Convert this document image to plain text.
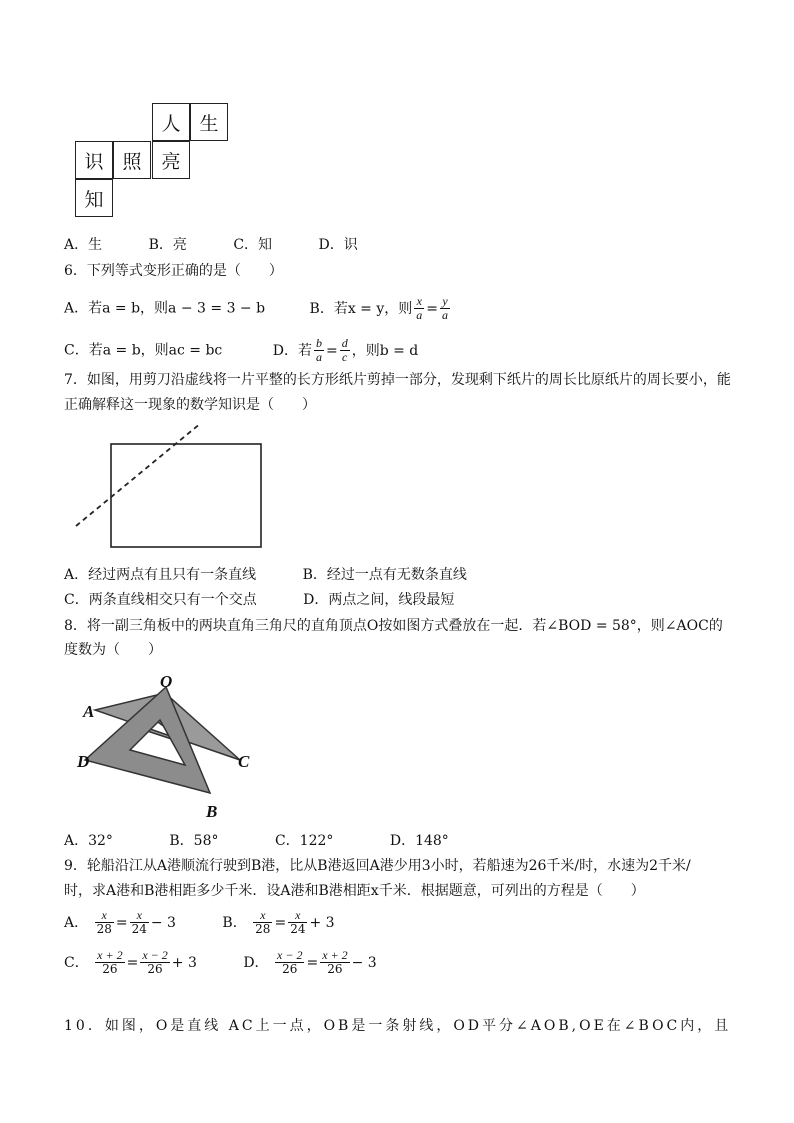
人 生
识 照	亮
知
A．生	B．亮	C．知	D．识
6．下列等式变形正确的是（　　）
A．若a = b，则a − 3 = 3 − b	B．若x = y，则 $\frac{x}{a} = \frac{y}{a}$
C．若a = b，则ac = bc	D．若 $\frac{b}{a} = \frac{d}{c}$ ，则b = d
7．如图，用剪刀沿虚线将一片平整的长方形纸片剪掉一部分，发现剩下纸片的周长比原纸片的周长要小，能
正确解释这一现象的数学知识是（　　）
A．经过两点有且只有一条直线	B．经过一点有无数条直线
C．两条直线相交只有一个交点	D．两点之间，线段最短
8．将一副三角板中的两块直角三角尺的直角顶点O按如图方式叠放在一起．若∠BOD = 58°，则∠AOC的
度数为（　　）
O
A
D	C
B
A．32°	B．58°	C．122°	D．148°
9．轮船沿江从A港顺流行驶到B港，比从B港返回A港少用3小时，若船速为26千米/时，水速为2千米/
时，求A港和B港相距多少千米．设A港和B港相距x千米．根据题意，可列出的方程是（　　）
A． $\frac{x}{28} = \frac{x}{24} - 3$	B． $\frac{x}{28} = \frac{x}{24} + 3$
C． $\frac{x + 2}{26} = \frac{x - 2}{26} + 3$	D． $\frac{x - 2}{26} = \frac{x + 2}{26} - 3$
10．如图，O是直线 AC上一点，OB是一条射线，OD平分∠AOB,OE在∠BOC内，且
